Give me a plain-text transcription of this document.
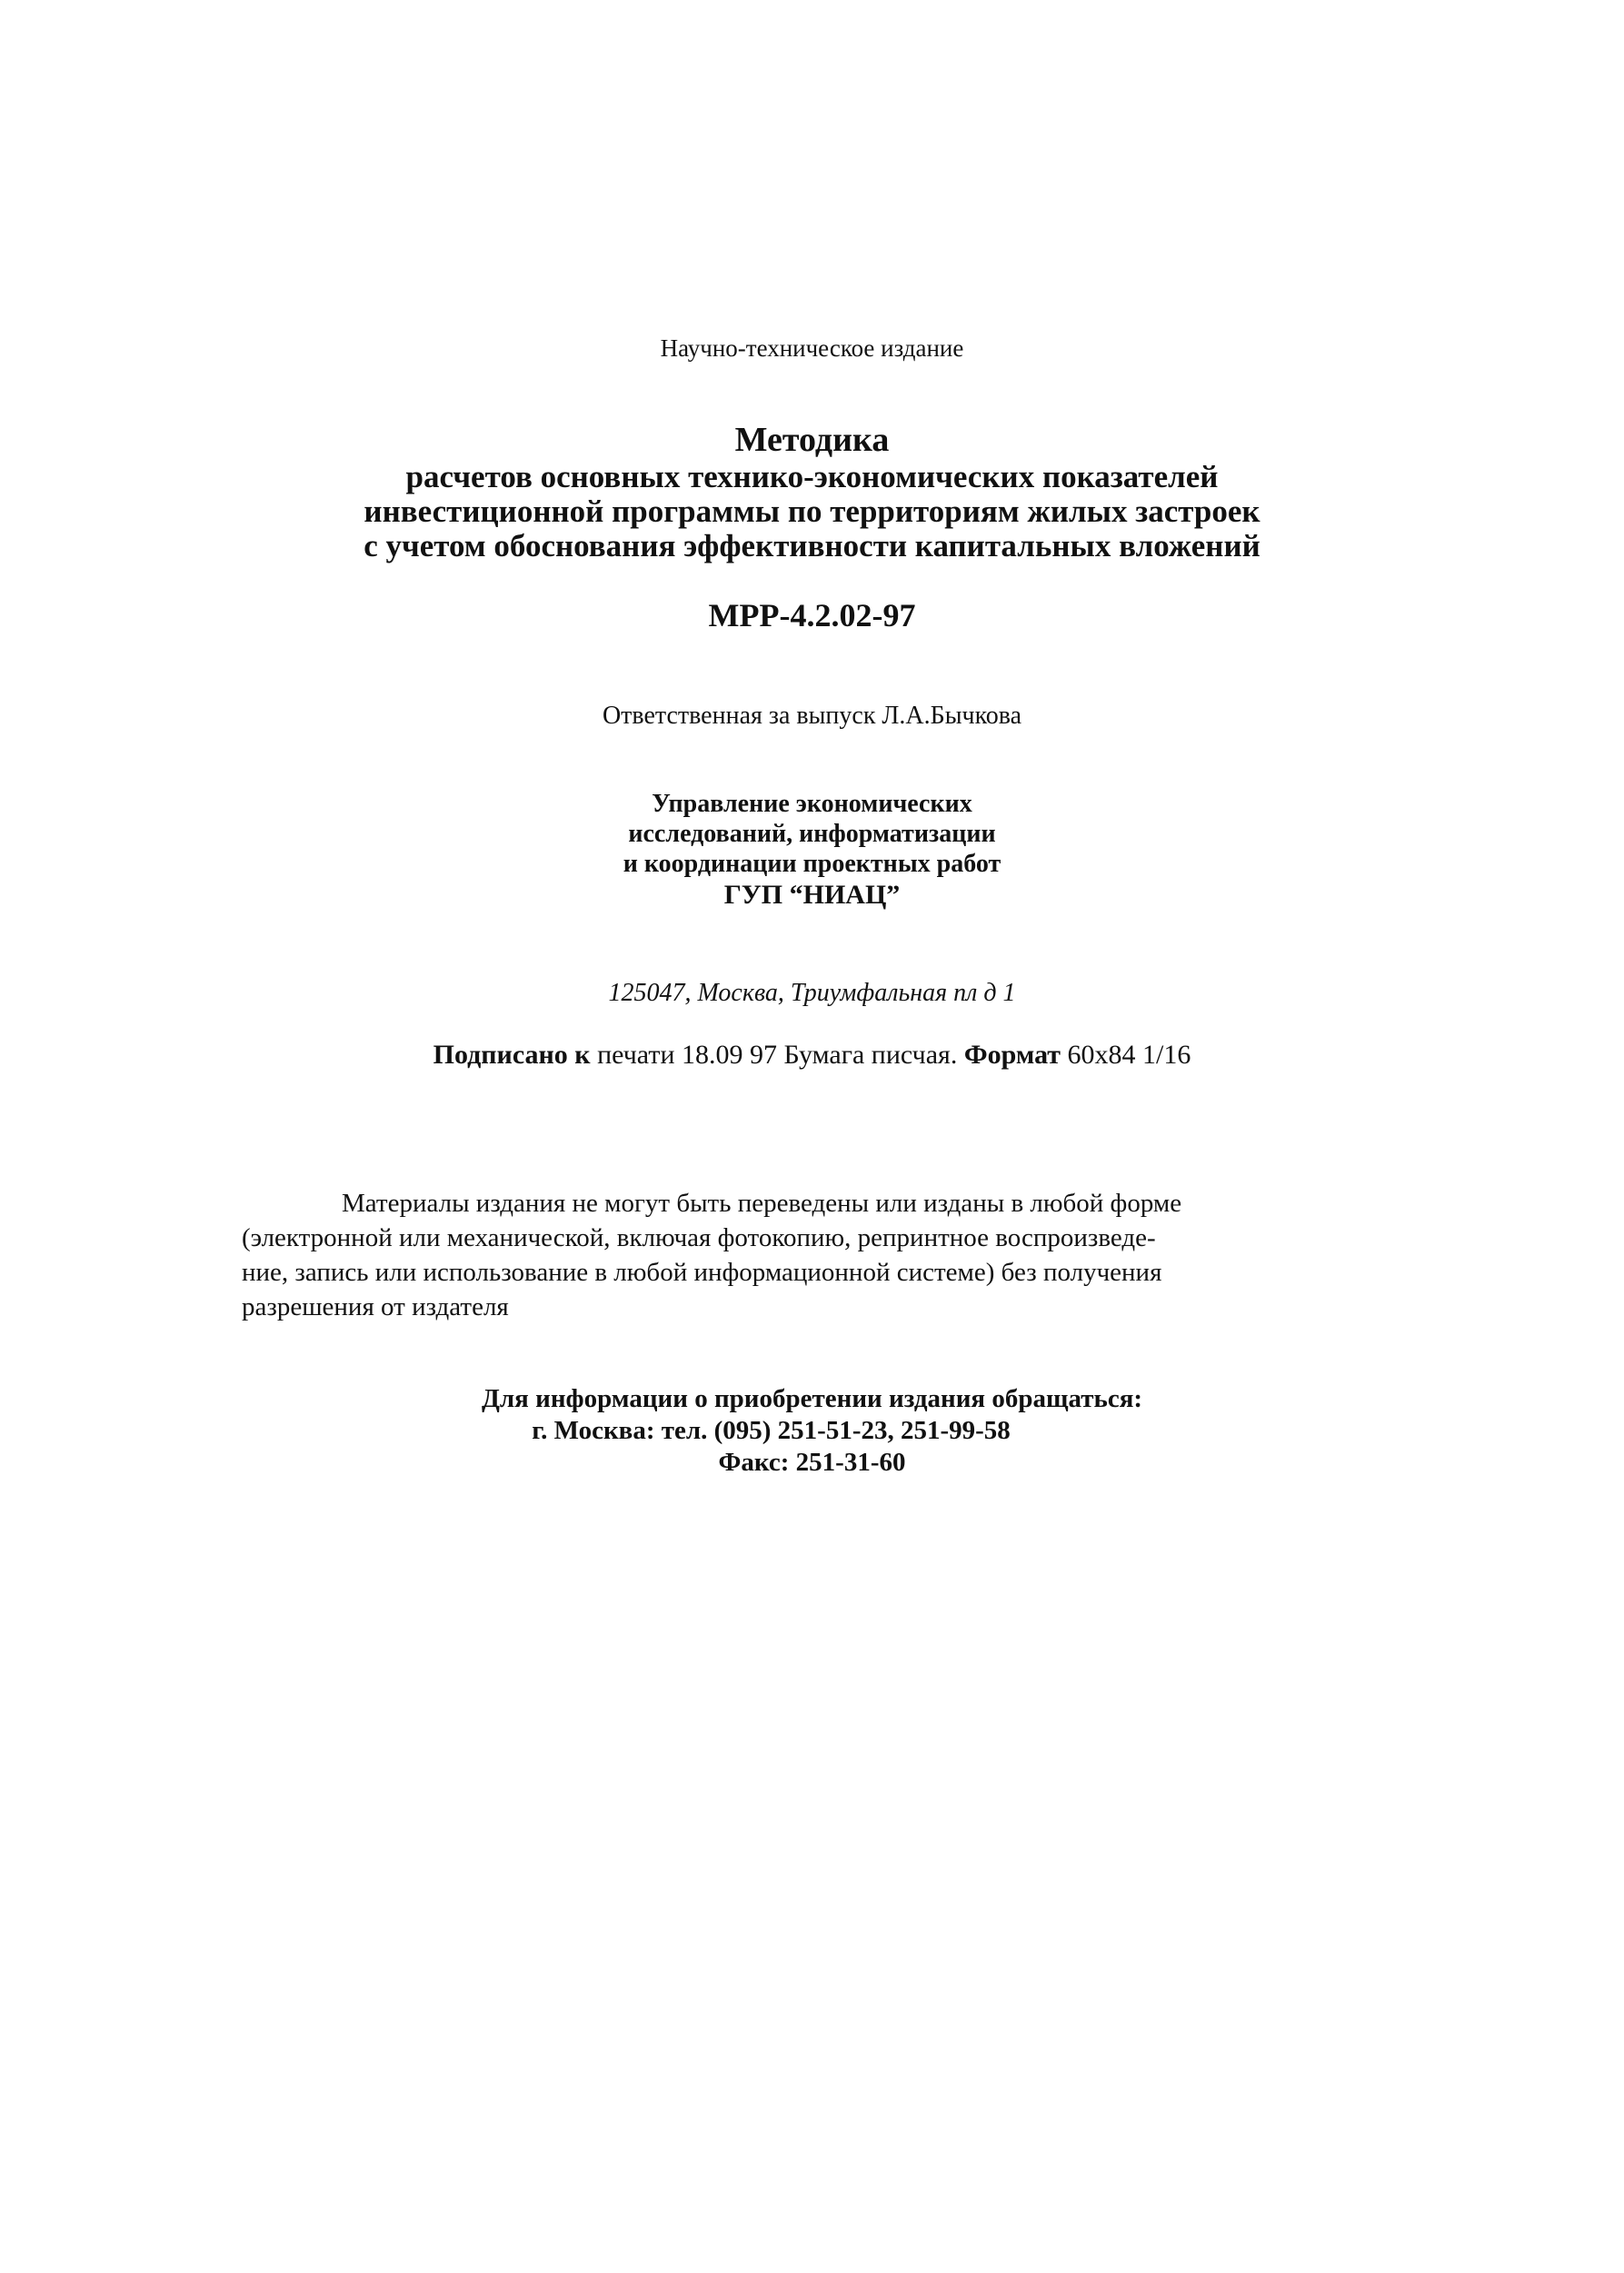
Научно-техническое издание
Методика
расчетов основных технико-экономических показателей
инвестиционной программы по территориям жилых застроек
с учетом обоснования эффективности капитальных вложений
МРР-4.2.02-97
Ответственная за выпуск Л.А.Бычкова
Управление экономических
исследований, информатизации
и координации проектных работ
ГУП “НИАЦ”
125047, Москва, Триумфальная пл д 1
Подписано к печати 18.09 97 Бумага писчая. Формат 60x84 1/16
Материалы издания не могут быть переведены или изданы в любой форме
(электронной или механической, включая фотокопию, репринтное воспроизведе-
ние, запись или использование в любой информационной системе) без получения
разрешения от издателя
Для информации о приобретении издания обращаться:
г. Москва: тел. (095) 251-51-23, 251-99-58
Факс: 251-31-60
